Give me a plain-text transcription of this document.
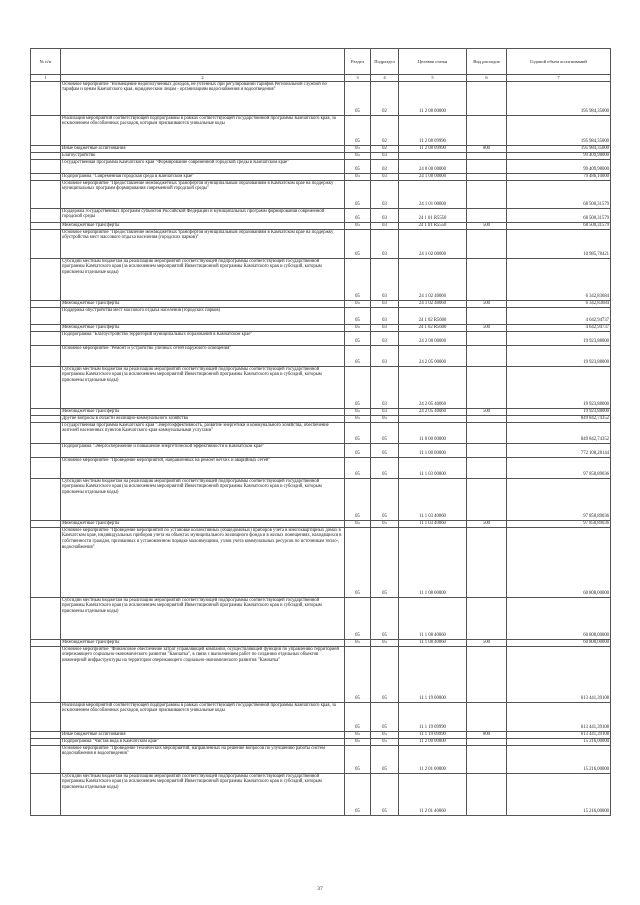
№ п/п		Раздел	Подраздел	Целевая статья	Вид расходов	Годовой объем ассигнований
1	2	3	4	5	6	7
	Основное мероприятие "Возмещение недополученных доходов, не учтенных при регулировании тарифов Региональной службой по тарифам и ценам Камчатского края, юридическим лицам - организациям водоснабжения и водоотведения"	05	02	11 2 08 00000		195 984,35000
	Реализация мероприятий соответствующей подпрограммы в рамках соответствующей государственной программы Камчатского края, за исключением обособленных расходов, которым присваиваются уникальные коды	05	02	11 2 08 09990		195 984,35000
	Иные бюджетные ассигнования	05	02	11 2 08 09990	800	195 984,35000
	Благоустройство	05	03			99 409,98000
	Государственная программа Камчатского края "Формирование современной городской среды в Камчатском крае"	05	03	24 0 00 00000		99 409,98000
	Подпрограмма "Современная городская среда в Камчатском крае"	05	03	24 1 00 00000		79 486,10000
	Основное мероприятие "Предоставление межбюджетных трансфертов муниципальным образованиям в Камчатском крае на поддержку муниципальных программ формирования современной городской среды"	05	03	24 1 01 00000		68 500,31579
	Поддержка государственных программ субъектов Российской Федерации и муниципальных программ формирования современной городской среды	05	03	24 1 01 R5550		68 500,31579
	Межбюджетные трансферты	05	03	24 1 01 R5550	500	68 500,31579
	Основное мероприятие "Предоставление межбюджетных трансфертов муниципальным образованиям в Камчатском крае на поддержку обустройства мест массового отдыха населения (городских парков)"	05	03	24 1 02 00000		10 985,78421
	Субсидии местным бюджетам на реализацию мероприятий соответствующей подпрограммы соответствующей государственной программы Камчатского края (за исключением мероприятий Инвестиционной программы Камчатского края и субсидий, которым присвоены отдельные коды)	05	03	24 1 02 40060		6 342,83684
	Межбюджетные трансферты	05	03	24 1 02 40060	500	6 342,83684
	Поддержка обустройства мест массового отдыха населения (городских парков)	05	03	24 1 02 R5600		4 642,94737
	Межбюджетные трансферты	05	03	24 1 02 R5600	500	4 642,94737
	Подпрограмма "Благоустройство территорий муниципальных образований в Камчатском крае"	05	03	24 2 00 00000		19 923,88000
	Основное мероприятие "Ремонт и устройство уличных сетей наружного освещения"	05	03	24 2 05 00000		19 923,88000
	Субсидии местным бюджетам на реализацию мероприятий соответствующей подпрограммы соответствующей государственной программы Камчатского края (за исключением мероприятий Инвестиционной программы Камчатского края и субсидий, которым присвоены отдельные коды)	05	03	24 2 05 40060		19 923,88000
	Межбюджетные трансферты	05	03	24 2 05 40060	500	19 923,88000
	Другие вопросы в области жилищно-коммунального хозяйства	05	05			849 842,74352
	Государственная программа Камчатского края "Энергоэффективность, развитие энергетики и коммунального хозяйства, обеспечение жителей населенных пунктов Камчатского края коммунальными услугами"	05	05	11 0 00 00000		849 842,74352
	Подпрограмма "Энергосбережение и повышение энергетической эффективности в Камчатском крае"	05	05	11 1 00 00000		772 108,28144
	Основное мероприятие "Проведение мероприятий, направленных на ремонт ветхих и аварийных сетей"	05	05	11 1 03 00000		97 858,89036
	Субсидии местным бюджетам на реализацию мероприятий соответствующей подпрограммы соответствующей государственной программы Камчатского края (за исключением мероприятий Инвестиционной программы Камчатского края и субсидий, которым присвоены отдельные коды)	05	05	11 1 03 40060		97 858,89036
	Межбюджетные трансферты	05	05	11 1 03 40060	500	97 858,89036
	Основное мероприятие "Проведение мероприятий по установке коллективных (общедомовых) приборов учета в многоквартирных домах в Камчатском крае, индивидуальных приборов учета на объектах муниципального жилищного фонда и в жилых помещениях, находящихся в собственности граждан, признанных в установленном порядке малоимущими, узлов учета коммунальных ресурсов по источникам тепло-, водоснабжения"	05	05	11 1 08 00000		60 808,00000
	Субсидии местным бюджетам на реализацию мероприятий соответствующей подпрограммы соответствующей государственной программы Камчатского края (за исключением мероприятий Инвестиционной программы Камчатского края и субсидий, которым присвоены отдельные коды)	05	05	11 1 08 40060		60 808,00000
	Межбюджетные трансферты	05	05	11 1 08 40060	500	60 808,00000
	Основное мероприятие "Финансовое обеспечение затрат управляющей компании, осуществляющей функции по управлению территорией опережающего социально-экономического развития "Камчатка", в связи с выполнением работ по созданию отдельных объектов инженерной инфраструктуры на территории опережающего социально-экономического развития "Камчатка"	05	05	11 1 19 00000		613 441,39108
	Реализация мероприятий соответствующей подпрограммы в рамках соответствующей государственной программы Камчатского края, за исключением обособленных расходов, которым присваиваются уникальные коды	05	05	11 1 19 09990		613 441,39108
	Иные бюджетные ассигнования	05	05	11 1 19 09990	800	613 441,39108
	Подпрограмма "Чистая вода в Камчатском крае"	05	05	11 2 00 00000		15 216,00000
	Основное мероприятие "Проведение технических мероприятий, направленных на решение вопросов по улучшению работы систем водоснабжения и водоотведения"	05	05	11 2 01 00000		15 216,00000
	Субсидии местным бюджетам на реализацию мероприятий соответствующей подпрограммы соответствующей государственной программы Камчатского края (за исключением мероприятий Инвестиционной программы Камчатского края и субсидий, которым присвоены отдельные коды)	05	05	11 2 01 40060		15 216,00000
37
